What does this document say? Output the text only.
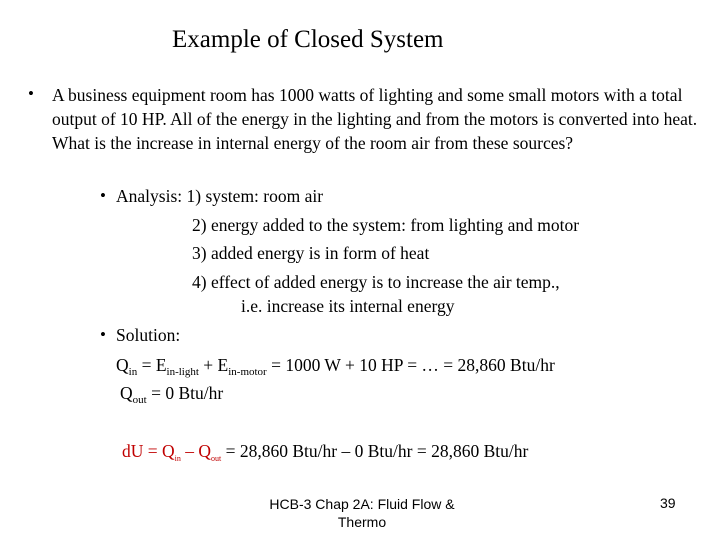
Example of Closed System
• A business equipment room has 1000 watts of lighting and some small motors with a total output of 10 HP. All of the energy in the lighting and from the motors is converted into heat. What is the increase in internal energy of the room air from these sources?
• Analysis: 1) system: room air
2) energy added to the system: from lighting and motor
3) added energy is in form of heat
4) effect of added energy is to increase the air temp.,
i.e. increase its internal energy
• Solution:
$Q_{in} = E_{in-light} + E_{in-motor} = 1000$ W + 10 HP = … = 28,860 Btu/hr
$Q_{out} = 0$ Btu/hr
dU = $Q_{in} - Q_{out} = 28,860$ Btu/hr – 0 Btu/hr = 28,860 Btu/hr
HCB-3 Chap 2A: Fluid Flow & Thermo
39
